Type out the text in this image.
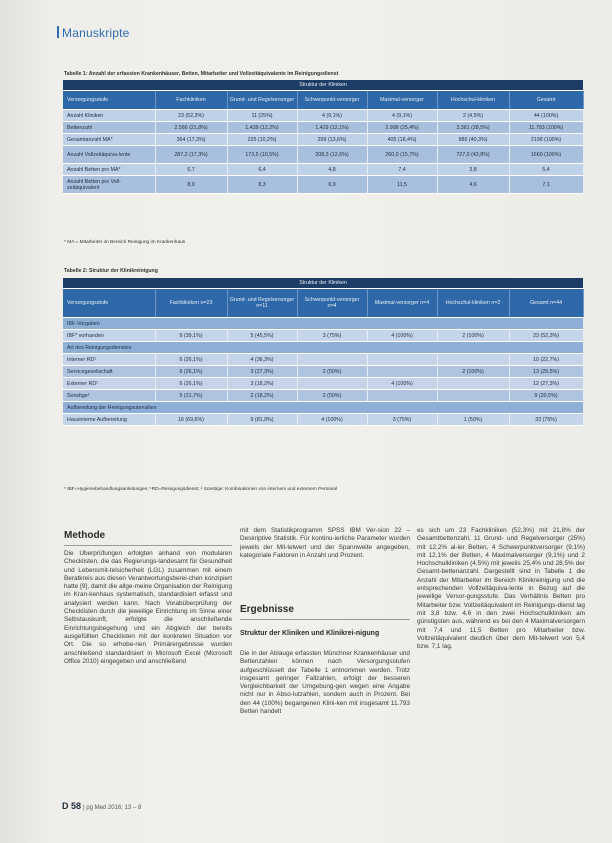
Manuskripte
Tabelle 1: Anzahl der erfassten Krankenhäuser, Betten, Mitarbeiter und Vollzeitäquivalente im Reinigungsdienst
Struktur der Kliniken						
Versorgungsstufe	Fachkliniken	Grund- und Regelversorger	Schwerpunkt-versorger	Maximal-versorger	Hochschul-kliniken	Gesamt
Anzahl Kliniken	23 (52,3%)	11 (25%)	4 (9,1%)	4 (9,1%)	2 (4,5%)	44 (100%)
Bettenzahl	2.566 (21,8%)	1.439 (12,2%)	1.429 (12,1%)	2.998 (25,4%)	3.361 (28,5%)	11.793 (100%)
Gesamtanzahl MA*	364 (17,3%)	225 (10,2%)	299 (13,6%)	405 (18,4%)	886 (40,3%)	2198 (100%)
Anzahl Vollzeitäquiva-lente	287,2 (17,3%)	173,5 (10,5%)	208,3 (12,6%)	260,0 (15,7%)	727,0 (43,8%)	1660 (100%)
Anzahl Betten pro MA*	6,7	6,4	4,8	7,4	3,8	5,4
Anzahl Betten pro Voll-zeitäquivalent	8,9	8,3	6,9	11,5	4,6	7,1
* MA = Mitarbeiter im Bereich Reinigung im Krankenhaus
Tabelle 2: Struktur der Klinikreinigung
Struktur der Kliniken						
Versorgungsstufe	Fachkliniken n=23	Grund- und Regelversorger n=11	Schwerpunkt-versorger n=4	Maximal-versorger n=4	Hochschul-kliniken n=2	Gesamt n=44
IBF-Vorgaben						
IBF* vorhanden	9 (39,1%)	5 (45,5%)	3 (75%)	4 (100%)	2 (100%)	23 (52,3%)
Art des Reinigungsdienstes						
Interner RD¹	6 (26,1%)	4 (36,3%)				10 (22,7%)
Servicegesellschaft	6 (26,1%)	3 (27,3%)	2 (50%)		2 (100%)	13 (29,5%)
Externer RD¹	6 (26,1%)	3 (18,2%)		4 (100%)		12 (27,3%)
Sonstige²	5 (21,7%)	2 (18,2%)	2 (50%)			9 (20,5%)
Aufbereitung der Reinigungsutensilien						
Hausinterne Aufbereitung	16 (69,6%)	9 (81,9%)	4 (100%)	3 (75%)	1 (50%)	33 (75%)
* IBF=Hygienebehandlungsanleitungen; ¹RD=Reinigungsdienst; ² Sonstige: Kombinationen von internem und externem Personal
Methode

Die Überprüfungen erfolgten anhand von modularen Checklisten, die das Regierungs-landesamt für Gesundheit und Lebensmit-telsicherheit (LGL) zusammen mit einem Beratkreis aus diesen Verantwortungsberei-chen konzipiert hatte [9], damit die allge-meine Organisation der Reinigung im Kran-kenhaus systematisch, standardisiert erfasst und analysiert werden kann. Nach Vorabüberprüfung der Checklisten durch die jeweilige Einrichtung im Sinne einer Selbstauskunft, erfolgte die anschließende Einrichtungsbegehung und ein Abgleich der bereits ausgefüllten Checklisten mit der konkreten Situation vor Ort. Die so erhobe-nen Primärergebnisse wurden anschließend standardisiert in Microsoft Excel (Microsoft Office 2010) eingegeben und anschließend

mit dem Statistikprogramm SPSS IBM Ver-sion 22 – Deskriptive Statistik. Für kontinu-ierliche Parameter wurden jeweils der Mit-telwert und der Spannweite angegeben, kategoriale Faktoren in Anzahl und Prozent.

Ergebnisse
Struktur der Kliniken und Klinikrei-nigung

Die in der Ablauge erfassten Münchner Krankenhäuser und Bettenzahlen können nach Versorgungsstufen aufgeschlüsselt der Tabelle 1 entnommen werden. Trotz insgesamt geringer Fallzahlen, erfolgt der besseren Vergleichbarkeit der Umgebung-gen wegen eine Angabe nicht nur in Abso-lutzahlen, sondern auch in Prozent. Bei den 44 (100%) begangenen Klini-ken mit insgesamt 11.793 Betten handelt

es sich um 23 Fachkliniken (52,3%) mit 21,8% der Gesamtbettenzahl, 11 Grund- und Regelversorger (25%) mit 12,2% al-ler Betten, 4 Schwerpunktversorger (9,1%) mit 12,1% der Betten, 4 Maximalversorger (9,1%) und 2 Hochschulkliniken (4,5%) mit jeweils 25,4% und 28,5% der Gesamt-bettenanzahl. Dargestellt sind in Tabelle 1 die Anzahl der Mitarbeiter im Bereich Klinikreinigung und die entsprechenden Vollzeitäquiva-lente in Bezug auf die jeweilige Versor-gungsstufe. Das Verhältnis Betten pro Mitarbeiter bzw. Vollzeitäquivalent im Reinigungs-dienst lag mit 3,8 bzw. 4,6 in den zwei Hochschulkliniken am günstigsten aus, während es bei den 4 Maximalversorgern mit 7,4 und 11,5 Betten pro Mitarbeiter bzw. Vollzeitäquivalent deutlich über dem Mit-telwert von 5,4 bzw. 7,1 lag.

D 58 | pg Med 2016; 13 – 8
